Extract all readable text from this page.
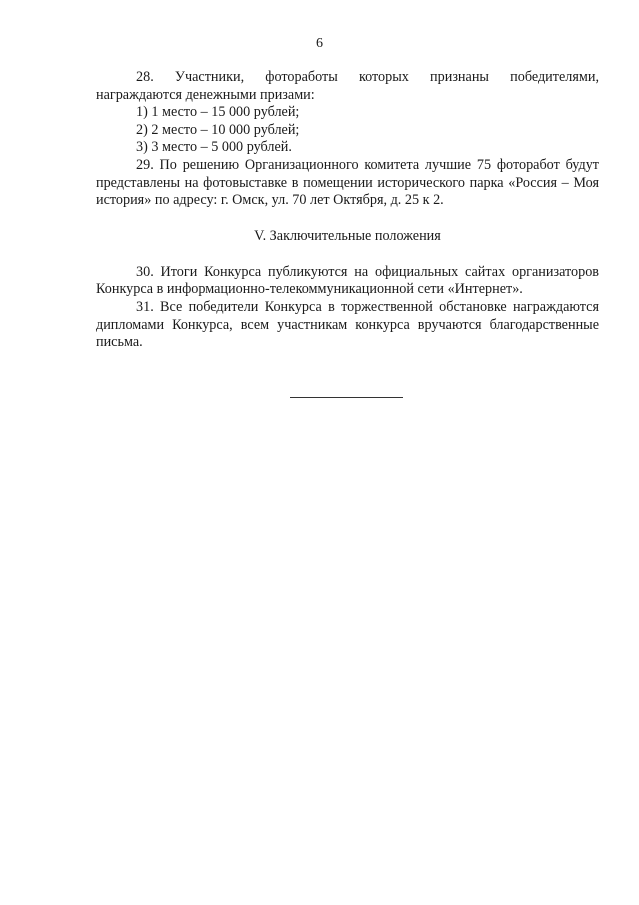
6

28. Участники, фотоработы которых признаны победителями,

награждаются денежными призами:

1) 1 место – 15 000 рублей;

2) 2 место – 10 000 рублей;

3) 3 место – 5 000 рублей.

29. По решению Организационного комитета лучшие 75 фоторабот будут представлены на фотовыставке в помещении исторического парка «Россия – Моя история» по адресу: г. Омск, ул. 70 лет Октября, д. 25 к 2.

V. Заключительные положения

30. Итоги Конкурса публикуются на официальных сайтах организаторов Конкурса в информационно-телекоммуникационной сети «Интернет».

31. Все победители Конкурса в торжественной обстановке награждаются дипломами Конкурса, всем участникам конкурса вручаются благодарственные письма.
